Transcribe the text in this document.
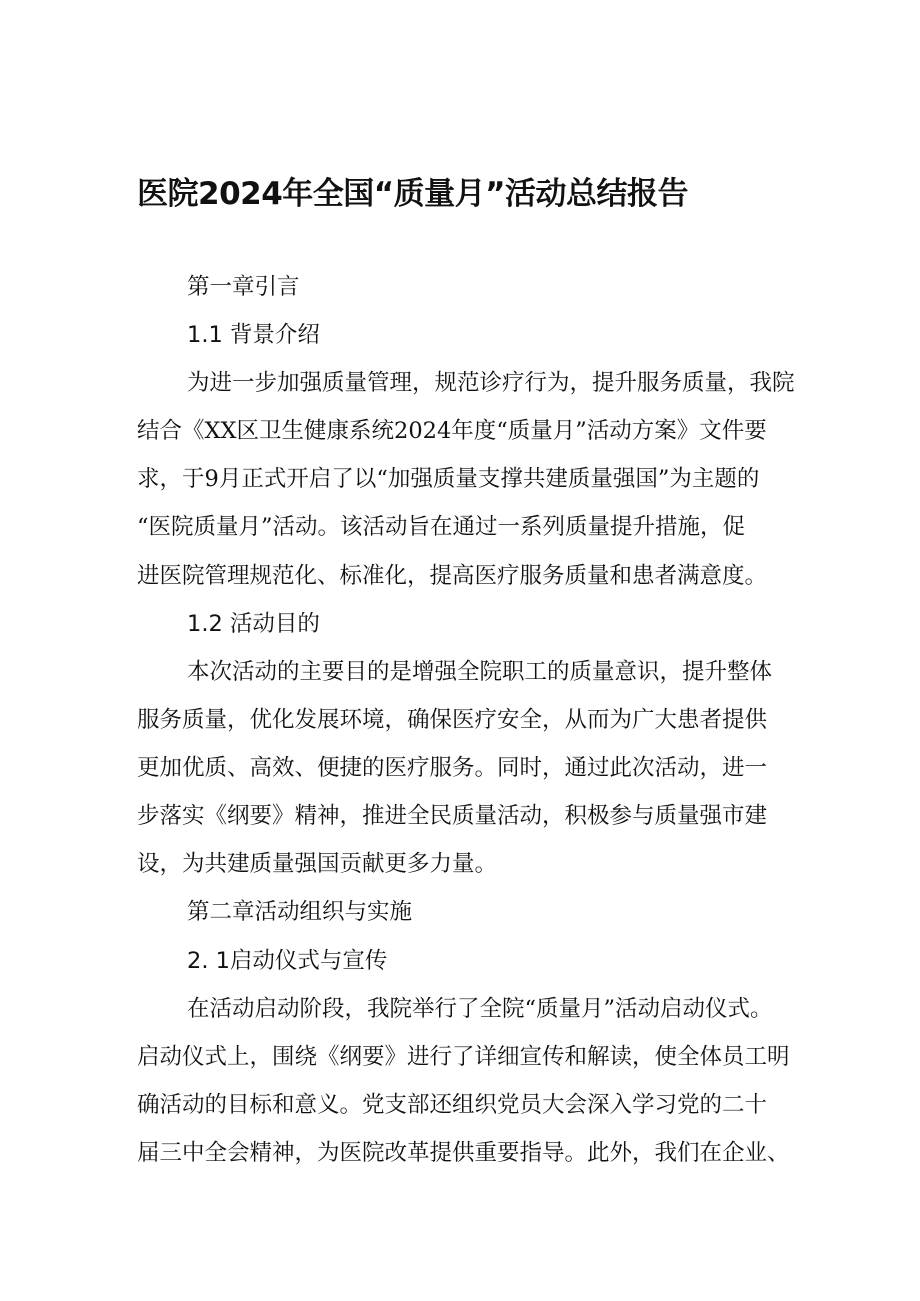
医院2024年全国“质量月”活动总结报告

第一章引言

1.1 背景介绍

为进一步加强质量管理，规范诊疗行为，提升服务质量，我院

结合《XX区卫生健康系统2024年度“质量月”活动方案》文件要

求，于9月正式开启了以“加强质量支撑共建质量强国”为主题的

“医院质量月”活动。该活动旨在通过一系列质量提升措施，促

进医院管理规范化、标准化，提高医疗服务质量和患者满意度。

1.2 活动目的

本次活动的主要目的是增强全院职工的质量意识，提升整体

服务质量，优化发展环境，确保医疗安全，从而为广大患者提供

更加优质、高效、便捷的医疗服务。同时，通过此次活动，进一

步落实《纲要》精神，推进全民质量活动，积极参与质量强市建

设，为共建质量强国贡献更多力量。

第二章活动组织与实施

2. 1启动仪式与宣传

在活动启动阶段，我院举行了全院“质量月”活动启动仪式。

启动仪式上，围绕《纲要》进行了详细宣传和解读，使全体员工明

确活动的目标和意义。党支部还组织党员大会深入学习党的二十

届三中全会精神，为医院改革提供重要指导。此外，我们在企业、
